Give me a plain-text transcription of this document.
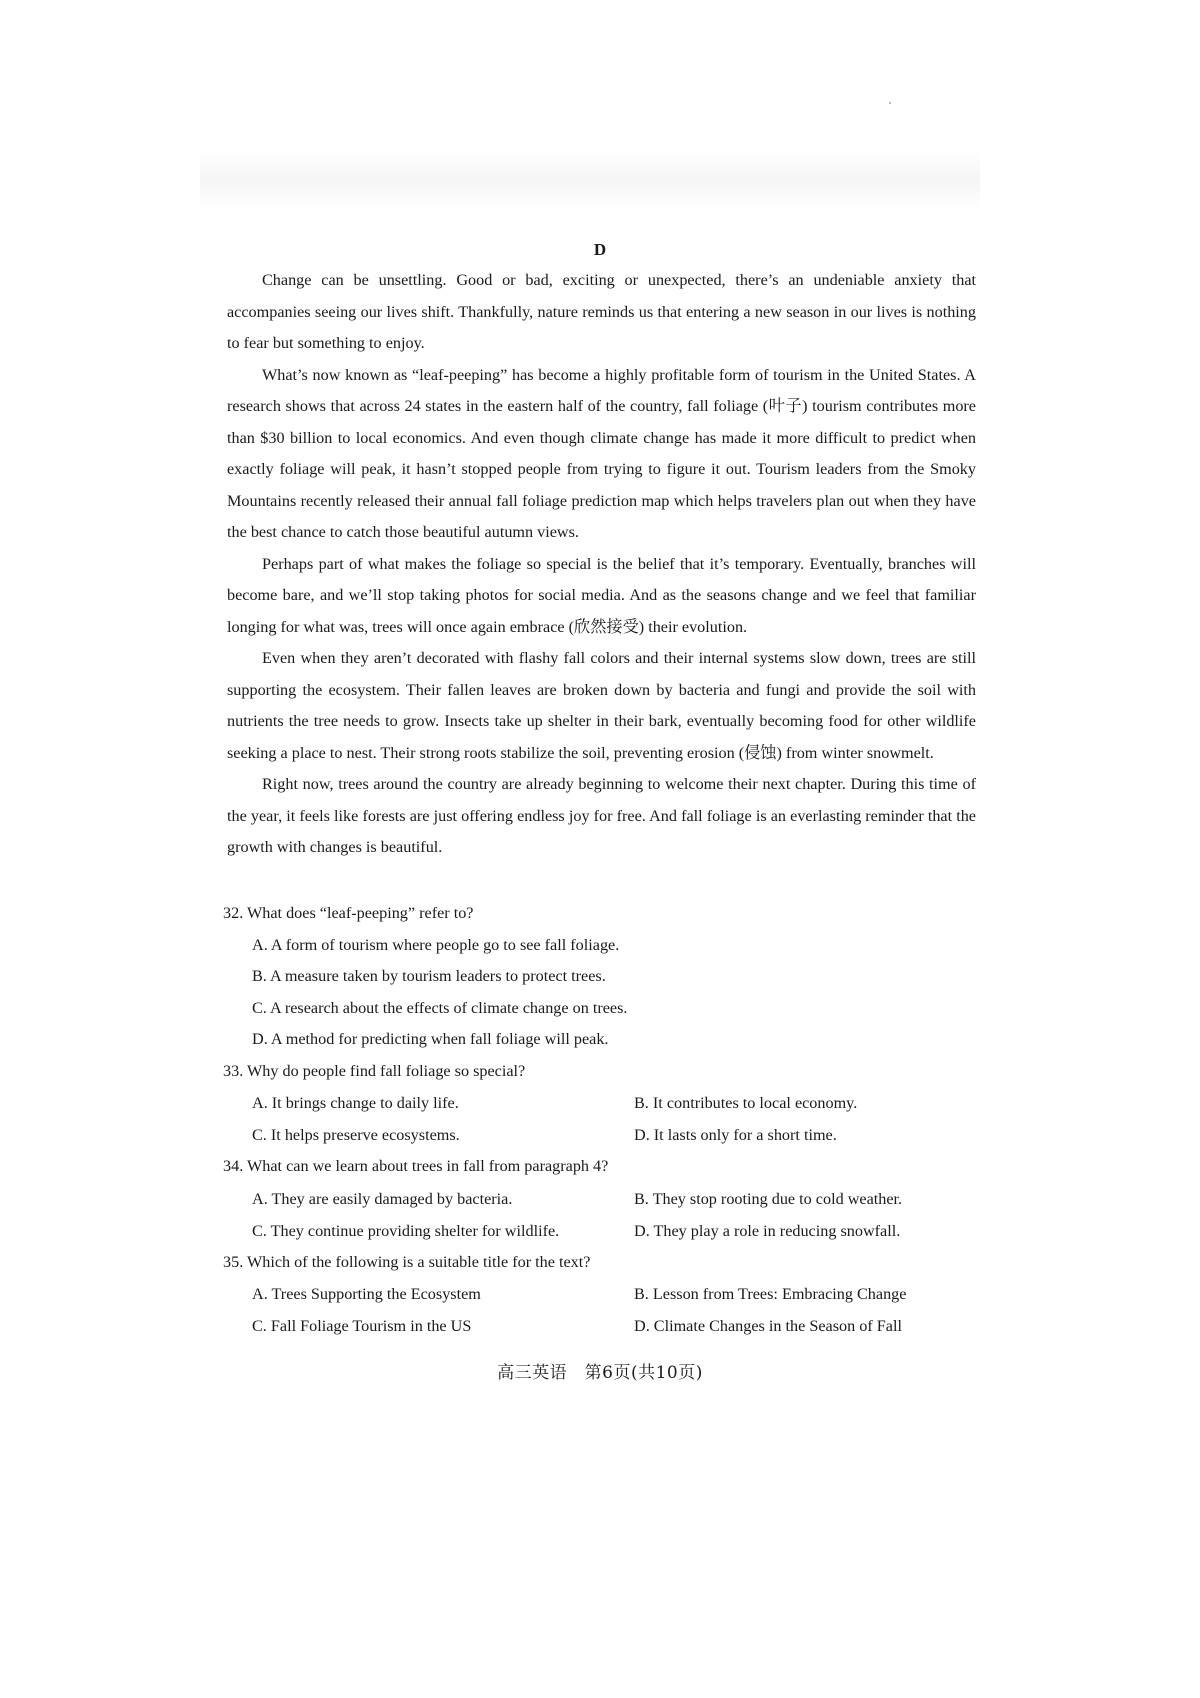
D

Change can be unsettling. Good or bad, exciting or unexpected, there’s an undeniable anxiety that accompanies seeing our lives shift. Thankfully, nature reminds us that entering a new season in our lives is nothing to fear but something to enjoy.

What’s now known as “leaf-peeping” has become a highly profitable form of tourism in the United States. A research shows that across 24 states in the eastern half of the country, fall foliage (叶子) tourism contributes more than $30 billion to local economics. And even though climate change has made it more difficult to predict when exactly foliage will peak, it hasn’t stopped people from trying to figure it out. Tourism leaders from the Smoky Mountains recently released their annual fall foliage prediction map which helps travelers plan out when they have the best chance to catch those beautiful autumn views.

Perhaps part of what makes the foliage so special is the belief that it’s temporary. Eventually, branches will become bare, and we’ll stop taking photos for social media. And as the seasons change and we feel that familiar longing for what was, trees will once again embrace (欣然接受) their evolution.

Even when they aren’t decorated with flashy fall colors and their internal systems slow down, trees are still supporting the ecosystem. Their fallen leaves are broken down by bacteria and fungi and provide the soil with nutrients the tree needs to grow. Insects take up shelter in their bark, eventually becoming food for other wildlife seeking a place to nest. Their strong roots stabilize the soil, preventing erosion (侵蚀) from winter snowmelt.

Right now, trees around the country are already beginning to welcome their next chapter. During this time of the year, it feels like forests are just offering endless joy for free. And fall foliage is an everlasting reminder that the growth with changes is beautiful.

32. What does “leaf-peeping” refer to?
A. A form of tourism where people go to see fall foliage.
B. A measure taken by tourism leaders to protect trees.
C. A research about the effects of climate change on trees.
D. A method for predicting when fall foliage will peak.
33. Why do people find fall foliage so special?
A. It brings change to daily life.	B. It contributes to local economy.
C. It helps preserve ecosystems.	D. It lasts only for a short time.
34. What can we learn about trees in fall from paragraph 4?
A. They are easily damaged by bacteria.	B. They stop rooting due to cold weather.
C. They continue providing shelter for wildlife.	D. They play a role in reducing snowfall.
35. Which of the following is a suitable title for the text?
A. Trees Supporting the Ecosystem	B. Lesson from Trees: Embracing Change
C. Fall Foliage Tourism in the US	D. Climate Changes in the Season of Fall
高三英语　第6页(共10页)
